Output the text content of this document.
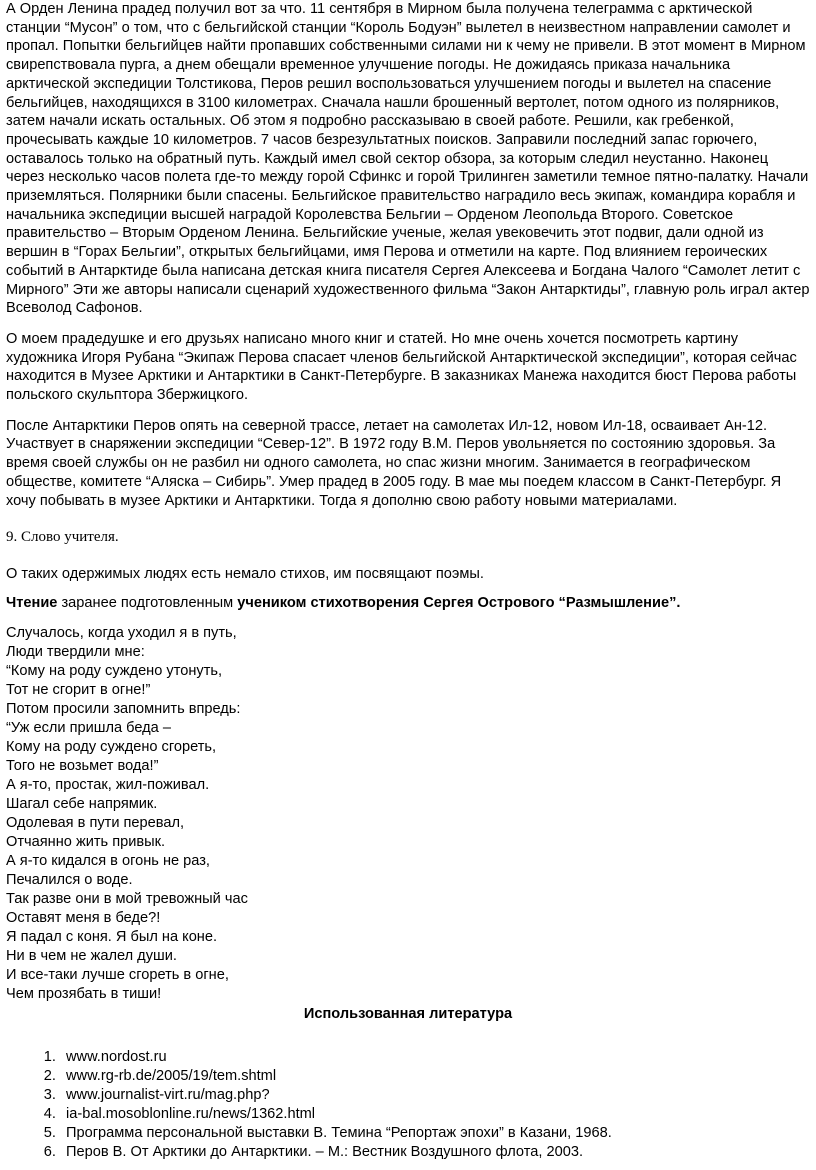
А Орден Ленина прадед получил вот за что. 11 сентября в Мирном была получена телеграмма с арктической станции “Мусон” о том, что с бельгийской станции “Король Бодуэн” вылетел в неизвестном направлении самолет и пропал. Попытки бельгийцев найти пропавших собственными силами ни к чему не привели. В этот момент в Мирном свирепствовала пурга, а днем обещали временное улучшение погоды. Не дожидаясь приказа начальника арктической экспедиции Толстикова, Перов решил воспользоваться улучшением погоды и вылетел на спасение бельгийцев, находящихся в 3100 километрах. Сначала нашли брошенный вертолет, потом одного из полярников, затем начали искать остальных. Об этом я подробно рассказываю в своей работе. Решили, как гребенкой, прочесывать каждые 10 километров. 7 часов безрезультатных поисков. Заправили последний запас горючего, оставалось только на обратный путь. Каждый имел свой сектор обзора, за которым следил неустанно. Наконец через несколько часов полета где-то между горой Сфинкс и горой Трилинген заметили темное пятно-палатку. Начали приземляться. Полярники были спасены. Бельгийское правительство наградило весь экипаж, командира корабля и начальника экспедиции высшей наградой Королевства Бельгии – Орденом Леопольда Второго. Советское правительство – Вторым Орденом Ленина. Бельгийские ученые, желая увековечить этот подвиг, дали одной из вершин в “Горах Бельгии”, открытых бельгийцами, имя Перова и отметили на карте. Под влиянием героических событий в Антарктиде была написана детская книга писателя Сергея Алексеева и Богдана Чалого “Самолет летит с Мирного” Эти же авторы написали сценарий художественного фильма “Закон Антарктиды”, главную роль играл актер Всеволод Сафонов.

О моем прадедушке и его друзьях написано много книг и статей. Но мне очень хочется посмотреть картину художника Игоря Рубана “Экипаж Перова спасает членов бельгийской Антарктической экспедиции”, которая сейчас находится в Музее Арктики и Антарктики в Санкт-Петербурге. В заказниках Манежа находится бюст Перова работы польского скульптора Збержицкого.

После Антарктики Перов опять на северной трассе, летает на самолетах Ил-12, новом Ил-18, осваивает Ан-12. Участвует в снаряжении экспедиции “Север-12”. В 1972 году В.М. Перов увольняется по состоянию здоровья. За время своей службы он не разбил ни одного самолета, но спас жизни многим. Занимается в географическом обществе, комитете “Аляска – Сибирь”. Умер прадед в 2005 году. В мае мы поедем классом в Санкт-Петербург. Я хочу побывать в музее Арктики и Антарктики. Тогда я дополню свою работу новыми материалами.

9. Слово учителя.

О таких одержимых людях есть немало стихов, им посвящают поэмы.

Чтение заранее подготовленным учеником стихотворения Сергея Острового “Размышление”.

Случалось, когда уходил я в путь,
Люди твердили мне:
“Кому на роду суждено утонуть,
Тот не сгорит в огне!”
Потом просили запомнить впредь:
“Уж если пришла беда –
Кому на роду суждено сгореть,
Того не возьмет вода!”
А я-то, простак, жил-поживал.
Шагал себе напрямик.
Одолевая в пути перевал,
Отчаянно жить привык.
А я-то кидался в огонь не раз,
Печалился о воде.
Так разве они в мой тревожный час
Оставят меня в беде?!
Я падал с коня. Я был на коне.
Ни в чем не жалел души.
И все-таки лучше сгореть в огне,
Чем прозябать в тиши!

Использованная литература

1. www.nordost.ru
2. www.rg-rb.de/2005/19/tem.shtml
3. www.journalist-virt.ru/mag.php?
4. ia-bal.mosoblonline.ru/news/1362.html
5. Программа персональной выставки В. Темина “Репортаж эпохи” в Казани, 1968.
6. Перов В. От Арктики до Антарктики. – М.: Вестник Воздушного флота, 2003.
